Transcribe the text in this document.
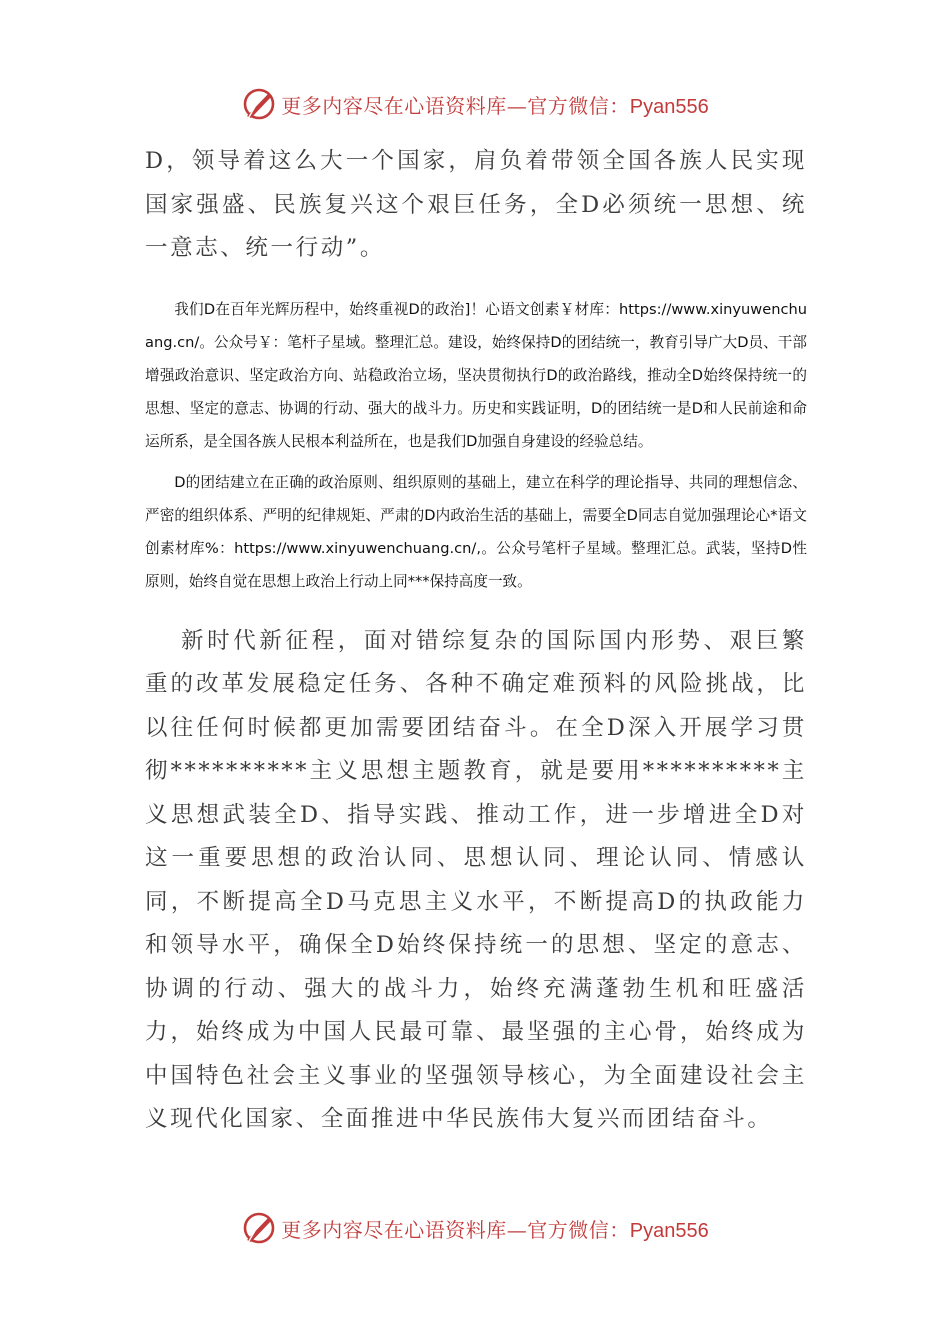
更多内容尽在心语资料库—官方微信： Pyan556

D，领导着这么大一个国家，肩负着带领全国各族人民实现国家强盛、民族复兴这个艰巨任务，全D必须统一思想、统一意志、统一行动”。

我们D在百年光辉历程中，始终重视D的政治]！心语文创素￥材库：https://www.xinyuwenchuang.cn/。公众号￥：笔杆子星域。整理汇总。建设，始终保持D的团结统一，教育引导广大D员、干部增强政治意识、坚定政治方向、站稳政治立场，坚决贯彻执行D的政治路线，推动全D始终保持统一的思想、坚定的意志、协调的行动、强大的战斗力。历史和实践证明，D的团结统一是D和人民前途和命运所系，是全国各族人民根本利益所在，也是我们D加强自身建设的经验总结。

D的团结建立在正确的政治原则、组织原则的基础上，建立在科学的理论指导、共同的理想信念、严密的组织体系、严明的纪律规矩、严肃的D内政治生活的基础上，需要全D同志自觉加强理论心*语文创素材库%：https://www.xinyuwenchuang.cn/,。公众号笔杆子星域。整理汇总。武装，坚持D性原则，始终自觉在思想上政治上行动上同***保持高度一致。

新时代新征程，面对错综复杂的国际国内形势、艰巨繁重的改革发展稳定任务、各种不确定难预料的风险挑战，比以往任何时候都更加需要团结奋斗。在全D深入开展学习贯彻**********主义思想主题教育，就是要用**********主义思想武装全D、指导实践、推动工作，进一步增进全D对这一重要思想的政治认同、思想认同、理论认同、情感认同，不断提高全D马克思主义水平，不断提高D的执政能力和领导水平，确保全D始终保持统一的思想、坚定的意志、协调的行动、强大的战斗力，始终充满蓬勃生机和旺盛活力，始终成为中国人民最可靠、最坚强的主心骨，始终成为中国特色社会主义事业的坚强领导核心，为全面建设社会主义现代化国家、全面推进中华民族伟大复兴而团结奋斗。

更多内容尽在心语资料库—官方微信： Pyan556
